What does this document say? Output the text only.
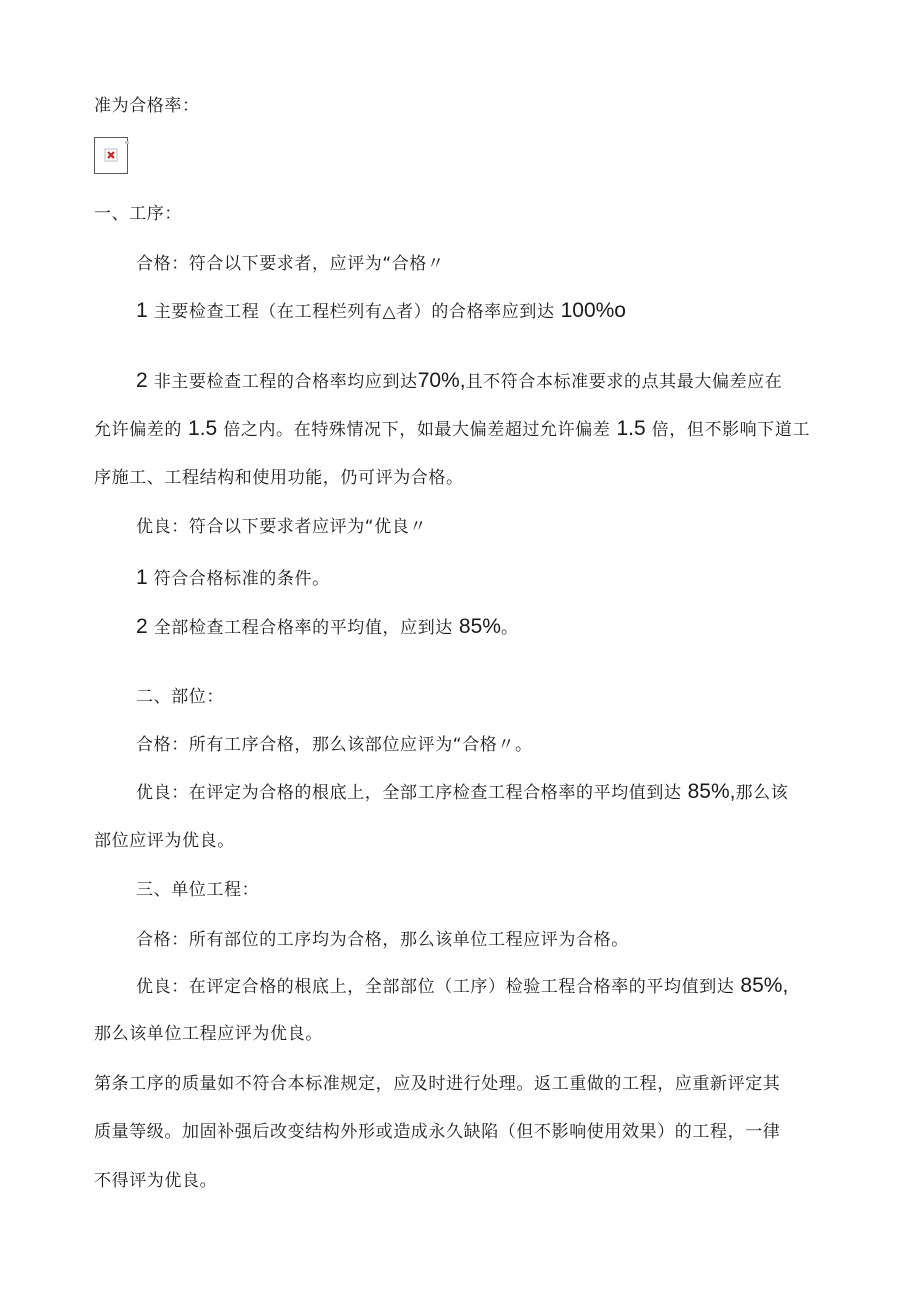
准为合格率：
一、工序：
合格：符合以下要求者，应评为“合格〃
1 主要检查工程（在工程栏列有△者）的合格率应到达 100%o
2 非主要检查工程的合格率均应到达70%,且不符合本标准要求的点其最大偏差应在
允许偏差的 1.5 倍之内。在特殊情况下，如最大偏差超过允许偏差 1.5 倍，但不影响下道工
序施工、工程结构和使用功能，仍可评为合格。
优良：符合以下要求者应评为“优良〃
1 符合合格标准的条件。
2 全部检查工程合格率的平均值，应到达 85%。
二、部位：
合格：所有工序合格，那么该部位应评为“合格〃。
优良：在评定为合格的根底上，全部工序检查工程合格率的平均值到达 85%,那么该
部位应评为优良。
三、单位工程：
合格：所有部位的工序均为合格，那么该单位工程应评为合格。
优良：在评定合格的根底上，全部部位（工序）检验工程合格率的平均值到达 85%,
那么该单位工程应评为优良。
第条工序的质量如不符合本标准规定，应及时进行处理。返工重做的工程，应重新评定其
质量等级。加固补强后改变结构外形或造成永久缺陷（但不影响使用效果）的工程，一律
不得评为优良。
